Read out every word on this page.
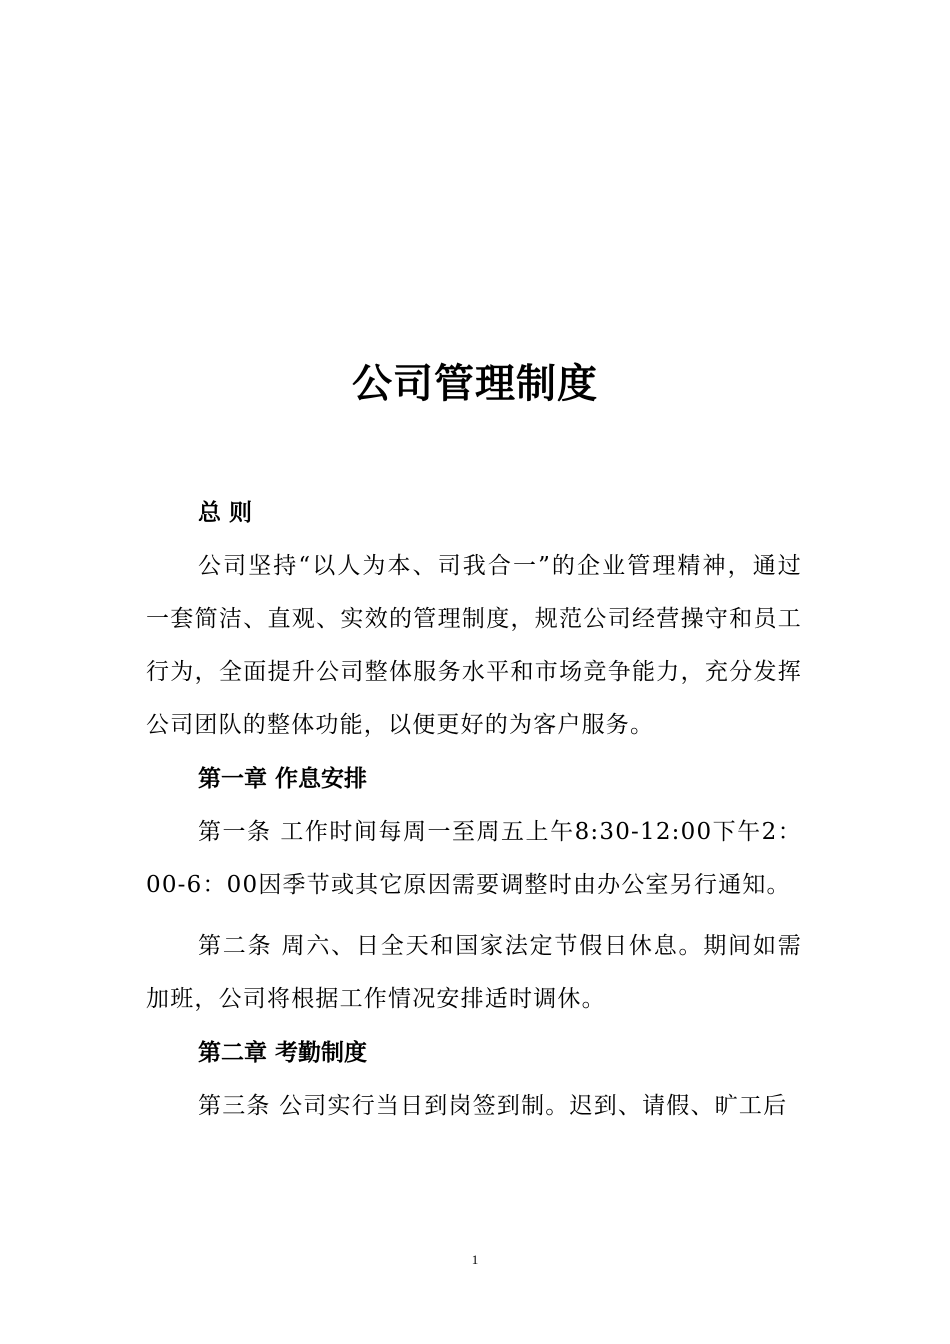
公司管理制度

总 则

公司坚持“以人为本、司我合一”的企业管理精神，通过一套简洁、直观、实效的管理制度，规范公司经营操守和员工行为，全面提升公司整体服务水平和市场竞争能力，充分发挥公司团队的整体功能，以便更好的为客户服务。

第一章 作息安排

第一条 工作时间每周一至周五上午8:30-12:00下午2：00-6：00因季节或其它原因需要调整时由办公室另行通知。

第二条 周六、日全天和国家法定节假日休息。期间如需加班，公司将根据工作情况安排适时调休。

第二章 考勤制度

第三条 公司实行当日到岗签到制。迟到、请假、旷工后

1
